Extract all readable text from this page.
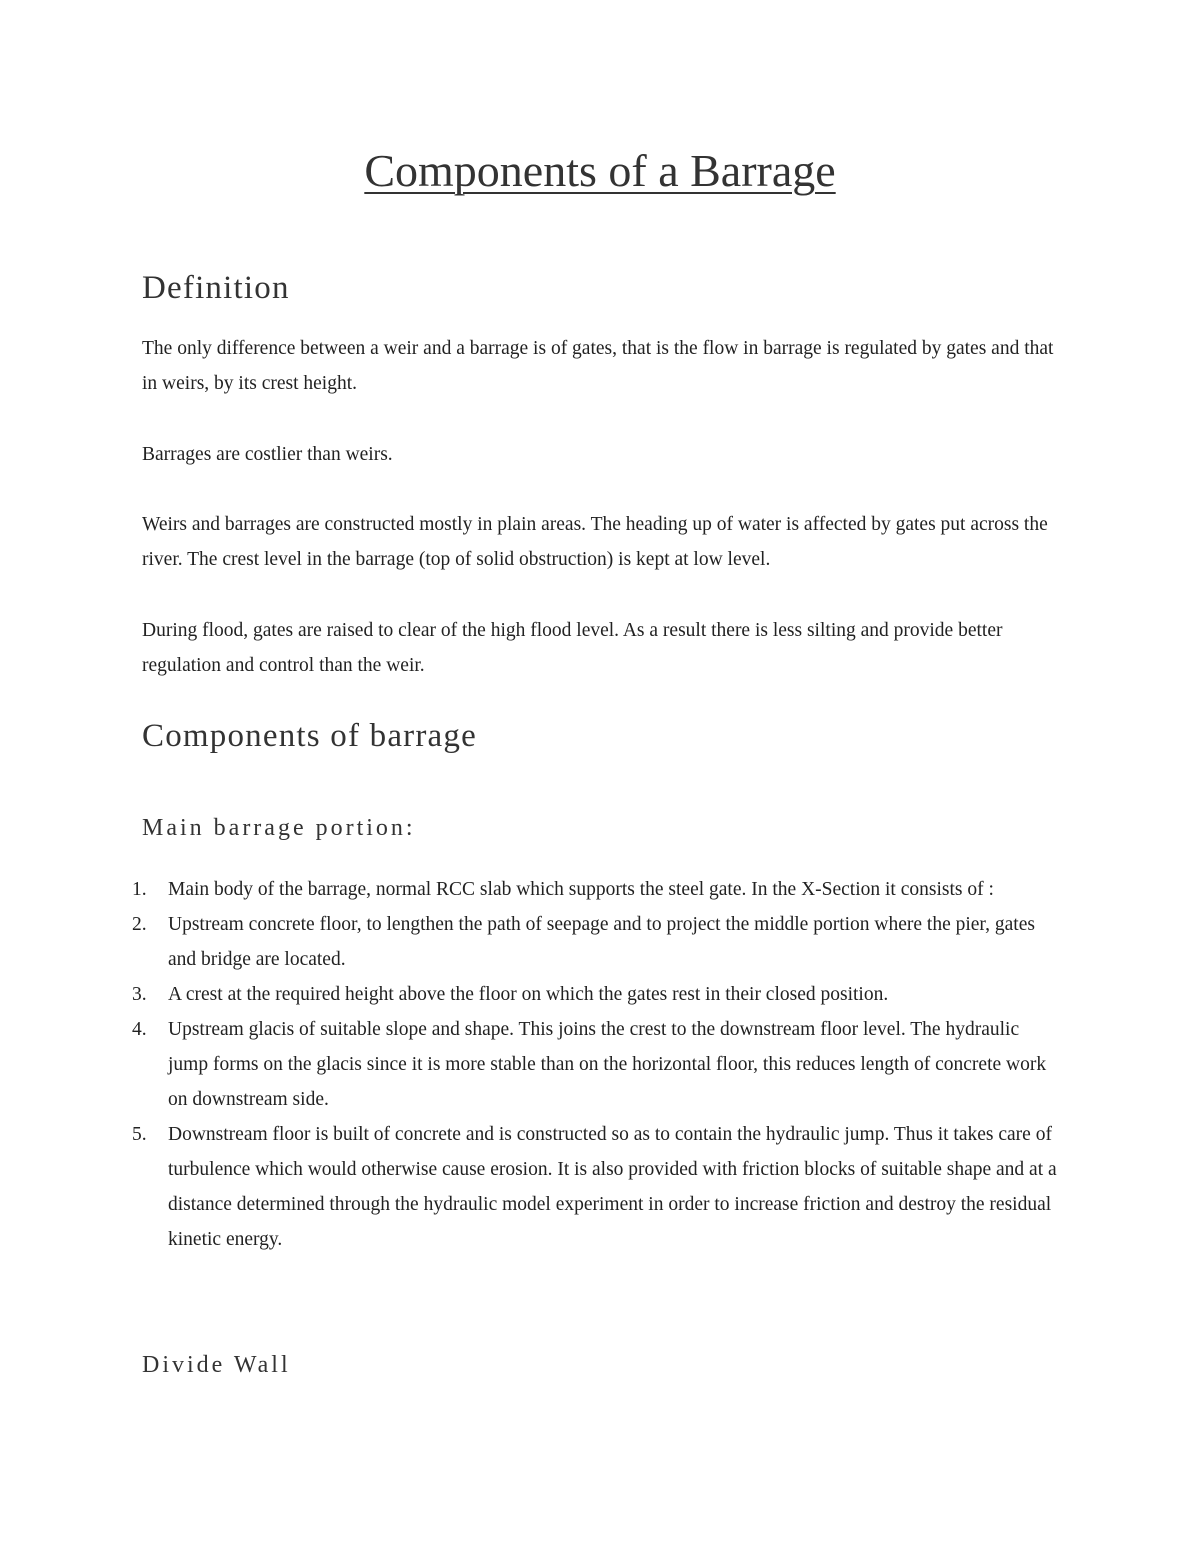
Components of a Barrage
Definition

The only difference between a weir and a barrage is of gates, that is the flow in barrage is regulated by gates and that in weirs, by its crest height.

Barrages are costlier than weirs.

Weirs and barrages are constructed mostly in plain areas. The heading up of water is affected by gates put across the river. The crest level in the barrage (top of solid obstruction) is kept at low level.

During flood, gates are raised to clear of the high flood level. As a result there is less silting and provide better regulation and control than the weir.

Components of barrage
Main barrage portion:
1.	Main body of the barrage, normal RCC slab which supports the steel gate. In the X-Section it consists of :
2.	Upstream concrete floor, to lengthen the path of seepage and to project the middle portion where the pier, gates and bridge are located.
3.	A crest at the required height above the floor on which the gates rest in their closed position.
4.	Upstream glacis of suitable slope and shape. This joins the crest to the downstream floor level. The hydraulic jump forms on the glacis since it is more stable than on the horizontal floor, this reduces length of concrete work on downstream side.
5.	Downstream floor is built of concrete and is constructed so as to contain the hydraulic jump. Thus it takes care of turbulence which would otherwise cause erosion. It is also provided with friction blocks of suitable shape and at a distance determined through the hydraulic model experiment in order to increase friction and destroy the residual kinetic energy.
Divide Wall
